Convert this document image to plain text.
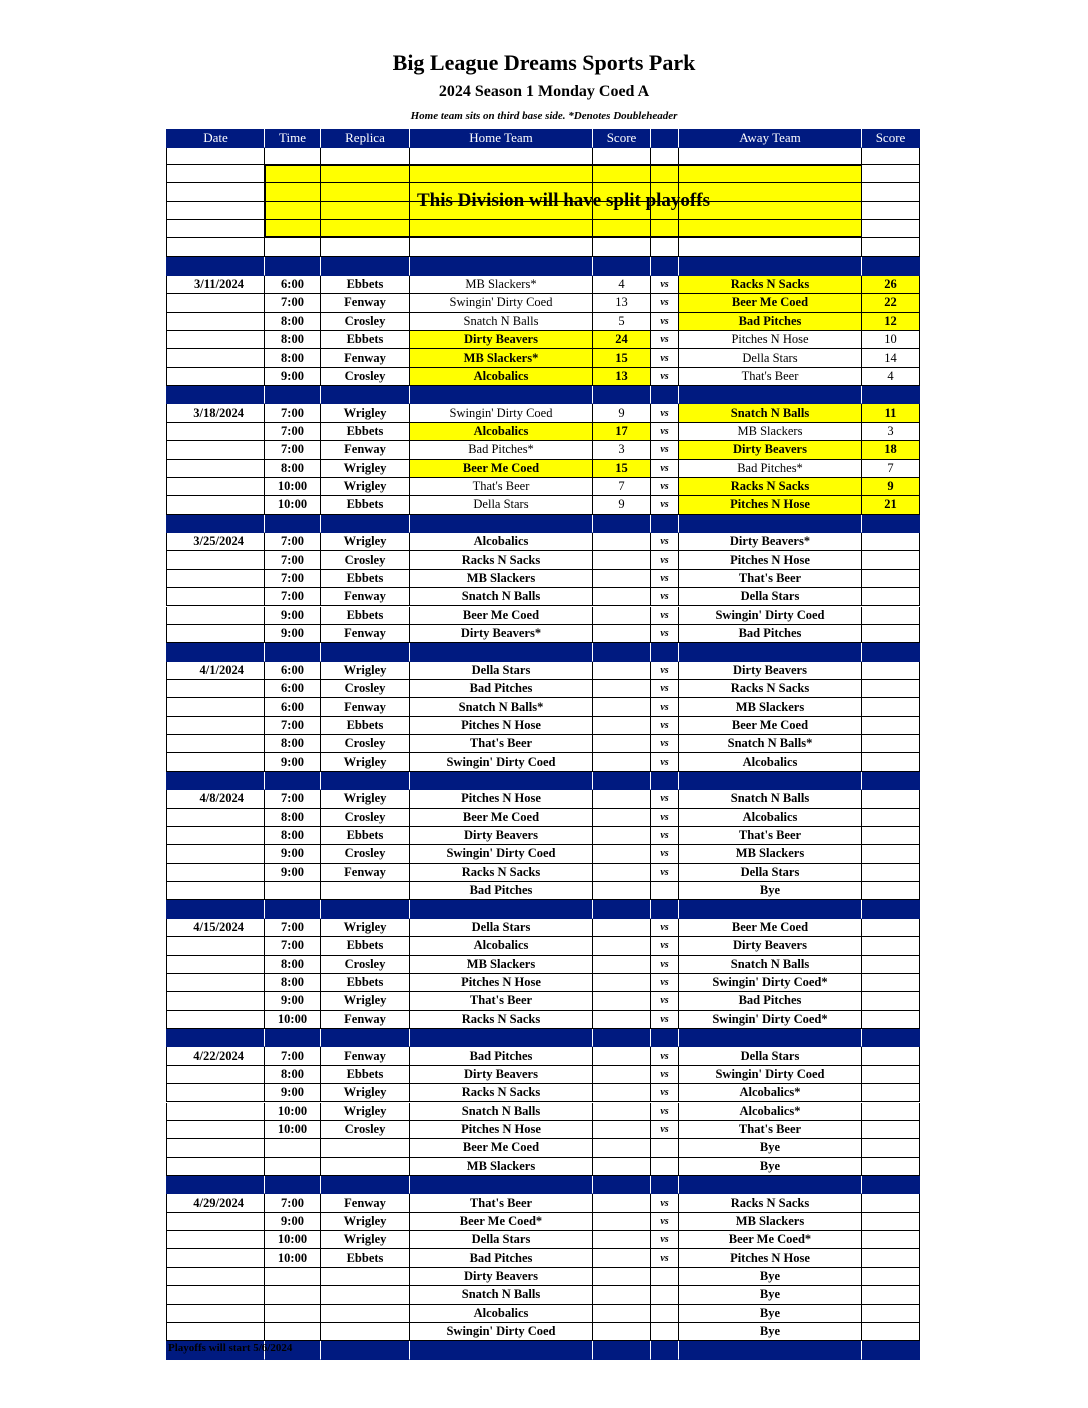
Big League Dreams Sports Park
2024 Season 1 Monday Coed A
Home team sits on third base side. *Denotes Doubleheader
Date	Time	Replica	Home Team	Score	Away Team	Score
This Division will have split playoffs
3/11/2024	6:00	Ebbets	MB Slackers*	4	vs	Racks N Sacks	26
7:00	Fenway	Swingin' Dirty Coed	13	vs	Beer Me Coed	22
8:00	Crosley	Snatch N Balls	5	vs	Bad Pitches	12
8:00	Ebbets	Dirty Beavers	24	vs	Pitches N Hose	10
8:00	Fenway	MB Slackers*	15	vs	Della Stars	14
9:00	Crosley	Alcobalics	13	vs	That's Beer	4
3/18/2024	7:00	Wrigley	Swingin' Dirty Coed	9	vs	Snatch N Balls	11
7:00	Ebbets	Alcobalics	17	vs	MB Slackers	3
7:00	Fenway	Bad Pitches*	3	vs	Dirty Beavers	18
8:00	Wrigley	Beer Me Coed	15	vs	Bad Pitches*	7
10:00	Wrigley	That's Beer	7	vs	Racks N Sacks	9
10:00	Ebbets	Della Stars	9	vs	Pitches N Hose	21
3/25/2024	7:00	Wrigley	Alcobalics	vs	Dirty Beavers*
7:00	Crosley	Racks N Sacks	vs	Pitches N Hose
7:00	Ebbets	MB Slackers	vs	That's Beer
7:00	Fenway	Snatch N Balls	vs	Della Stars
9:00	Ebbets	Beer Me Coed	vs	Swingin' Dirty Coed
9:00	Fenway	Dirty Beavers*	vs	Bad Pitches
4/1/2024	6:00	Wrigley	Della Stars	vs	Dirty Beavers
6:00	Crosley	Bad Pitches	vs	Racks N Sacks
6:00	Fenway	Snatch N Balls*	vs	MB Slackers
7:00	Ebbets	Pitches N Hose	vs	Beer Me Coed
8:00	Crosley	That's Beer	vs	Snatch N Balls*
9:00	Wrigley	Swingin' Dirty Coed	vs	Alcobalics
4/8/2024	7:00	Wrigley	Pitches N Hose	vs	Snatch N Balls
8:00	Crosley	Beer Me Coed	vs	Alcobalics
8:00	Ebbets	Dirty Beavers	vs	That's Beer
9:00	Crosley	Swingin' Dirty Coed	vs	MB Slackers
9:00	Fenway	Racks N Sacks	vs	Della Stars
Bad Pitches	Bye
4/15/2024	7:00	Wrigley	Della Stars	vs	Beer Me Coed
7:00	Ebbets	Alcobalics	vs	Dirty Beavers
8:00	Crosley	MB Slackers	vs	Snatch N Balls
8:00	Ebbets	Pitches N Hose	vs	Swingin' Dirty Coed*
9:00	Wrigley	That's Beer	vs	Bad Pitches
10:00	Fenway	Racks N Sacks	vs	Swingin' Dirty Coed*
4/22/2024	7:00	Fenway	Bad Pitches	vs	Della Stars
8:00	Ebbets	Dirty Beavers	vs	Swingin' Dirty Coed
9:00	Wrigley	Racks N Sacks	vs	Alcobalics*
10:00	Wrigley	Snatch N Balls	vs	Alcobalics*
10:00	Crosley	Pitches N Hose	vs	That's Beer
Beer Me Coed	Bye
MB Slackers	Bye
4/29/2024	7:00	Fenway	That's Beer	vs	Racks N Sacks
9:00	Wrigley	Beer Me Coed*	vs	MB Slackers
10:00	Wrigley	Della Stars	vs	Beer Me Coed*
10:00	Ebbets	Bad Pitches	vs	Pitches N Hose
Dirty Beavers	Bye
Snatch N Balls	Bye
Alcobalics	Bye
Swingin' Dirty Coed	Bye
Playoffs will start 5/6/2024
